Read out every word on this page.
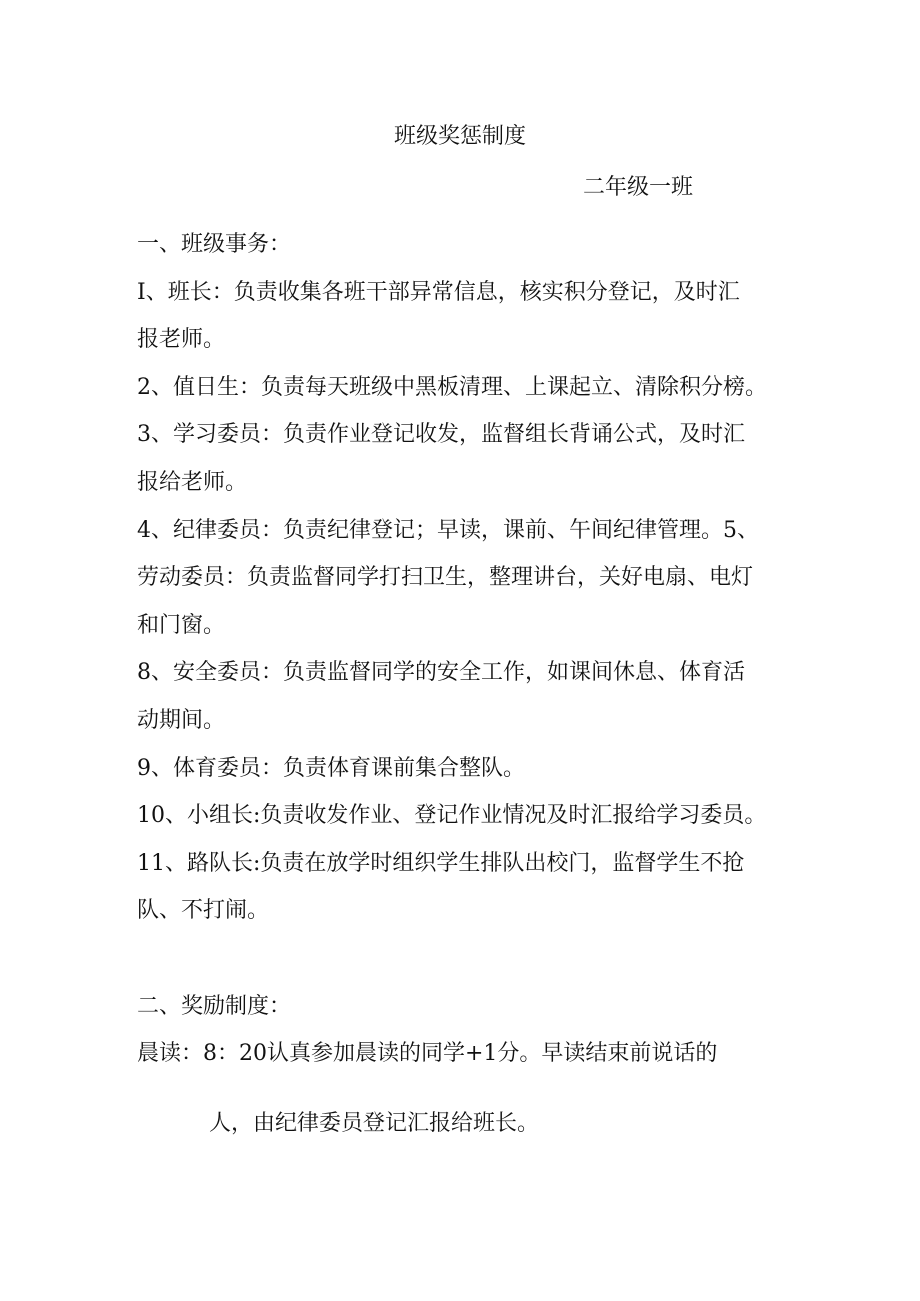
班级奖惩制度
二年级一班
一、班级事务：
I、班长：负责收集各班干部异常信息，核实积分登记，及时汇
报老师。
2、值日生：负责每天班级中黑板清理、上课起立、清除积分榜。
3、学习委员：负责作业登记收发，监督组长背诵公式，及时汇
报给老师。
4、纪律委员：负责纪律登记；早读，课前、午间纪律管理。5、
劳动委员：负责监督同学打扫卫生，整理讲台，关好电扇、电灯
和门窗。
8、安全委员：负责监督同学的安全工作，如课间休息、体育活
动期间。
9、体育委员：负责体育课前集合整队。
10、小组长:负责收发作业、登记作业情况及时汇报给学习委员。
11、路队长:负责在放学时组织学生排队出校门，监督学生不抢
队、不打闹。
二、奖励制度：
晨读：8：20认真参加晨读的同学+1分。早读结束前说话的
人，由纪律委员登记汇报给班长。
